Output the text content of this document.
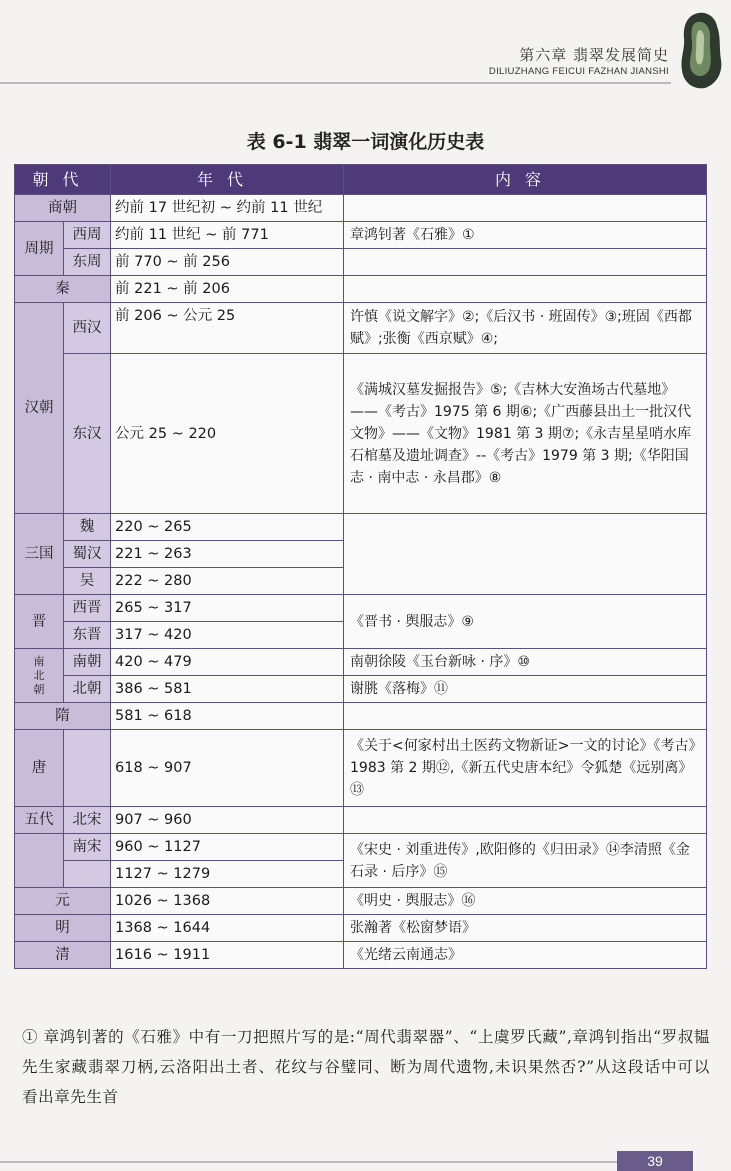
第六章 翡翠发展简史
DILIUZHANG FEICUI FAZHAN JIANSHI
表 6-1 翡翠一词演化历史表
朝代		年代	内容
商朝		约前 17 世纪初 ~ 约前 11 世纪	

周期	西周	约前 11 世纪 ~ 前 771	章鸿钊著《石雅》①
	东周	前 770 ~ 前 256	
秦		前 221 ~ 前 206	
汉朝	西汉	前 206 ~ 公元 25	许慎《说文解字》②;《后汉书 · 班固传》③;班固《西都赋》;张衡《西京赋》④;
	东汉	公元 25 ~ 220	《满城汉墓发掘报告》⑤;《吉林大安渔场古代墓地》——《考古》1975 第 6 期⑥;《广西藤县出土一批汉代文物》——《文物》1981 第 3 期⑦;《永吉星星哨水库石棺墓及遗址调查》--《考古》1979 第 3 期;《华阳国志 · 南中志 · 永昌郡》⑧
三国	魏	220 ~ 265	
	蜀汉	221 ~ 263	
	吴	222 ~ 280	
晋	西晋	265 ~ 317	《晋书 · 舆服志》⑨
	东晋	317 ~ 420	
南北朝	南朝	420 ~ 479	南朝徐陵《玉台新咏 · 序》⑩
	北朝	386 ~ 581	谢朓《落梅》⑪
隋		581 ~ 618	
唐		618 ~ 907	《关于<何家村出土医药文物新证>一文的讨论》《考古》1983 第 2 期⑫,《新五代史唐本纪》令狐楚《远别离》⑬
五代	北宋	907 ~ 960	
	南宋	960 ~ 1127	《宋史 · 刘重进传》,欧阳修的《归田录》⑭李清照《金石录 · 后序》⑮
		1127 ~ 1279	
元		1026 ~ 1368	《明史 · 舆服志》⑯
明		1368 ~ 1644	张瀚著《松窗梦语》
清		1616 ~ 1911	《光绪云南通志》
① 章鸿钊著的《石雅》中有一刀把照片写的是:“周代翡翠器”、“上虞罗氏藏”,章鸿钊指出“罗叔韫先生家藏翡翠刀柄,云洛阳出土者、花纹与谷璧同、断为周代遗物,未识果然否?”从这段话中可以看出章先生首
39
